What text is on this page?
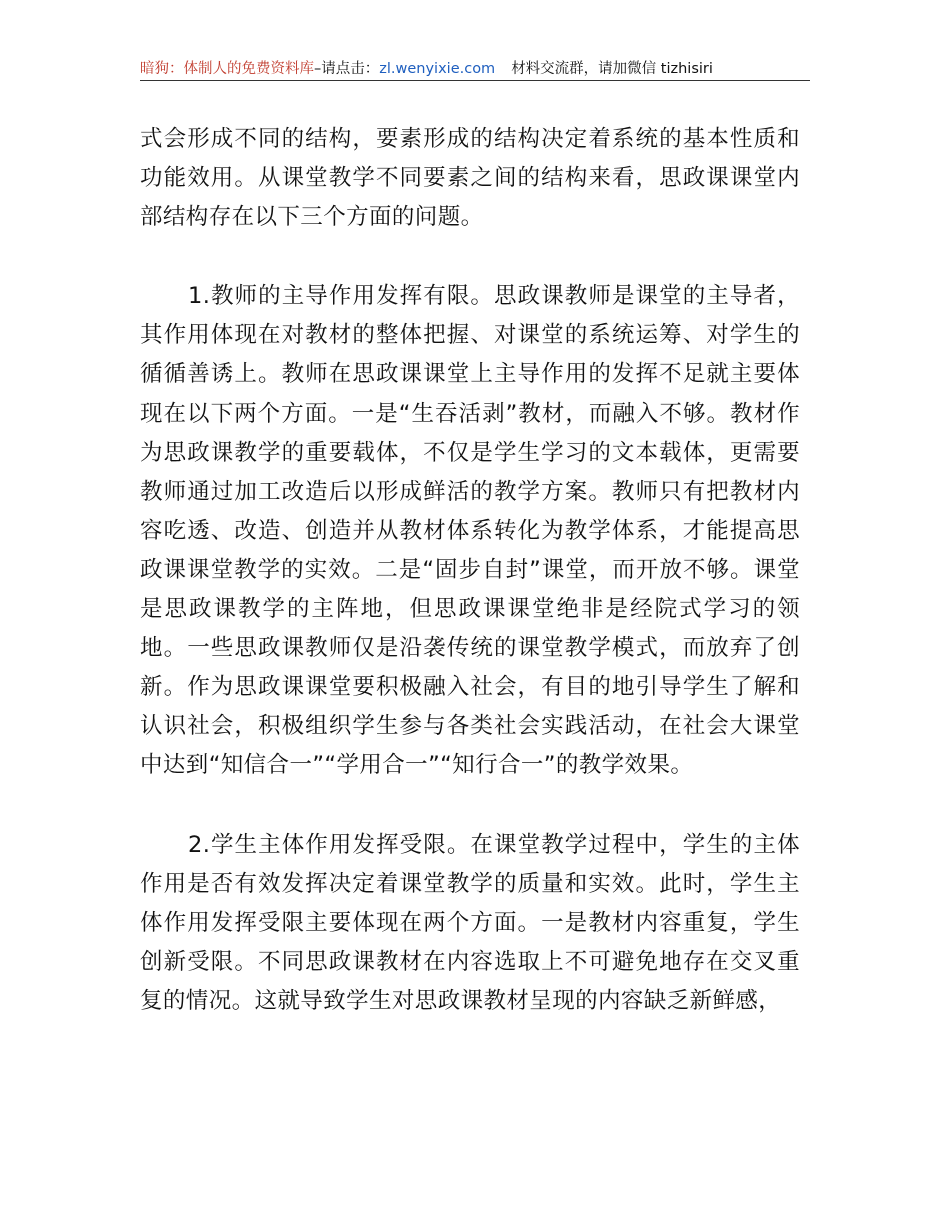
暗狗：体制人的免费资料库–请点击：zl.wenyixie.com 材料交流群，请加微信 tizhisiri

式会形成不同的结构，要素形成的结构决定着系统的基本性质和功能效用。从课堂教学不同要素之间的结构来看，思政课课堂内部结构存在以下三个方面的问题。

1.教师的主导作用发挥有限。思政课教师是课堂的主导者，其作用体现在对教材的整体把握、对课堂的系统运筹、对学生的循循善诱上。教师在思政课课堂上主导作用的发挥不足就主要体现在以下两个方面。一是“生吞活剥”教材，而融入不够。教材作为思政课教学的重要载体，不仅是学生学习的文本载体，更需要教师通过加工改造后以形成鲜活的教学方案。教师只有把教材内容吃透、改造、创造并从教材体系转化为教学体系，才能提高思政课课堂教学的实效。二是“固步自封”课堂，而开放不够。课堂是思政课教学的主阵地，但思政课课堂绝非是经院式学习的领地。一些思政课教师仅是沿袭传统的课堂教学模式，而放弃了创新。作为思政课课堂要积极融入社会，有目的地引导学生了解和认识社会，积极组织学生参与各类社会实践活动，在社会大课堂中达到“知信合一”“学用合一”“知行合一”的教学效果。

2.学生主体作用发挥受限。在课堂教学过程中，学生的主体作用是否有效发挥决定着课堂教学的质量和实效。此时，学生主体作用发挥受限主要体现在两个方面。一是教材内容重复，学生创新受限。不同思政课教材在内容选取上不可避免地存在交叉重复的情况。这就导致学生对思政课教材呈现的内容缺乏新鲜感，
